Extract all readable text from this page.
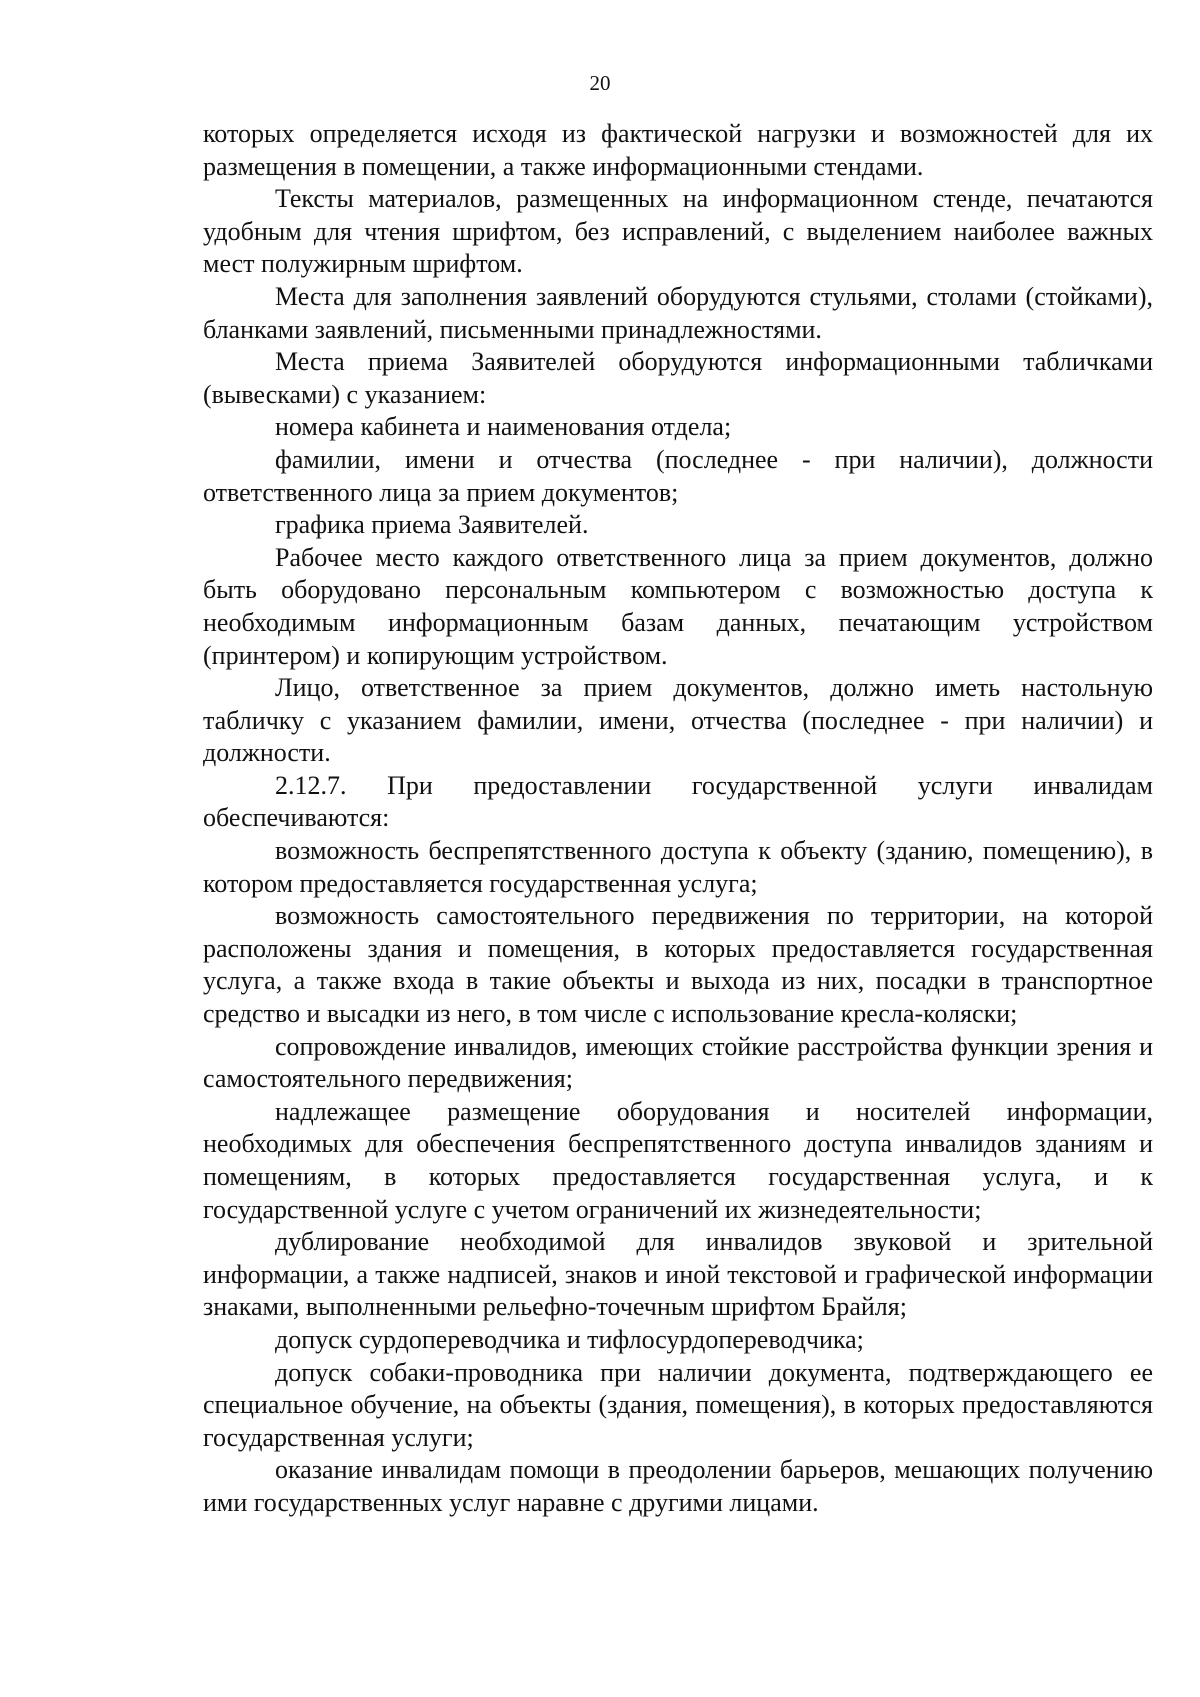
20

которых определяется исходя из фактической нагрузки и возможностей для их размещения в помещении, а также информационными стендами.

Тексты материалов, размещенных на информационном стенде, печатаются удобным для чтения шрифтом, без исправлений, с выделением наиболее важных мест полужирным шрифтом.

Места для заполнения заявлений оборудуются стульями, столами (стойками), бланками заявлений, письменными принадлежностями.

Места приема Заявителей оборудуются информационными табличками (вывесками) с указанием:

номера кабинета и наименования отдела;

фамилии, имени и отчества (последнее - при наличии), должности ответственного лица за прием документов;

графика приема Заявителей.

Рабочее место каждого ответственного лица за прием документов, должно быть оборудовано персональным компьютером с возможностью доступа к необходимым информационным базам данных, печатающим устройством (принтером) и копирующим устройством.

Лицо, ответственное за прием документов, должно иметь настольную табличку с указанием фамилии, имени, отчества (последнее - при наличии) и должности.

2.12.7. При предоставлении государственной услуги инвалидам обеспечиваются:

возможность беспрепятственного доступа к объекту (зданию, помещению), в котором предоставляется государственная услуга;

возможность самостоятельного передвижения по территории, на которой расположены здания и помещения, в которых предоставляется государственная услуга, а также входа в такие объекты и выхода из них, посадки в транспортное средство и высадки из него, в том числе с использование кресла-коляски;

сопровождение инвалидов, имеющих стойкие расстройства функции зрения и самостоятельного передвижения;

надлежащее размещение оборудования и носителей информации, необходимых для обеспечения беспрепятственного доступа инвалидов зданиям и помещениям, в которых предоставляется государственная услуга, и к государственной услуге с учетом ограничений их жизнедеятельности;

дублирование необходимой для инвалидов звуковой и зрительной информации, а также надписей, знаков и иной текстовой и графической информации знаками, выполненными рельефно-точечным шрифтом Брайля;

допуск сурдопереводчика и тифлосурдопереводчика;

допуск собаки-проводника при наличии документа, подтверждающего ее специальное обучение, на объекты (здания, помещения), в которых предоставляются государственная услуги;

оказание инвалидам помощи в преодолении барьеров, мешающих получению ими государственных услуг наравне с другими лицами.
